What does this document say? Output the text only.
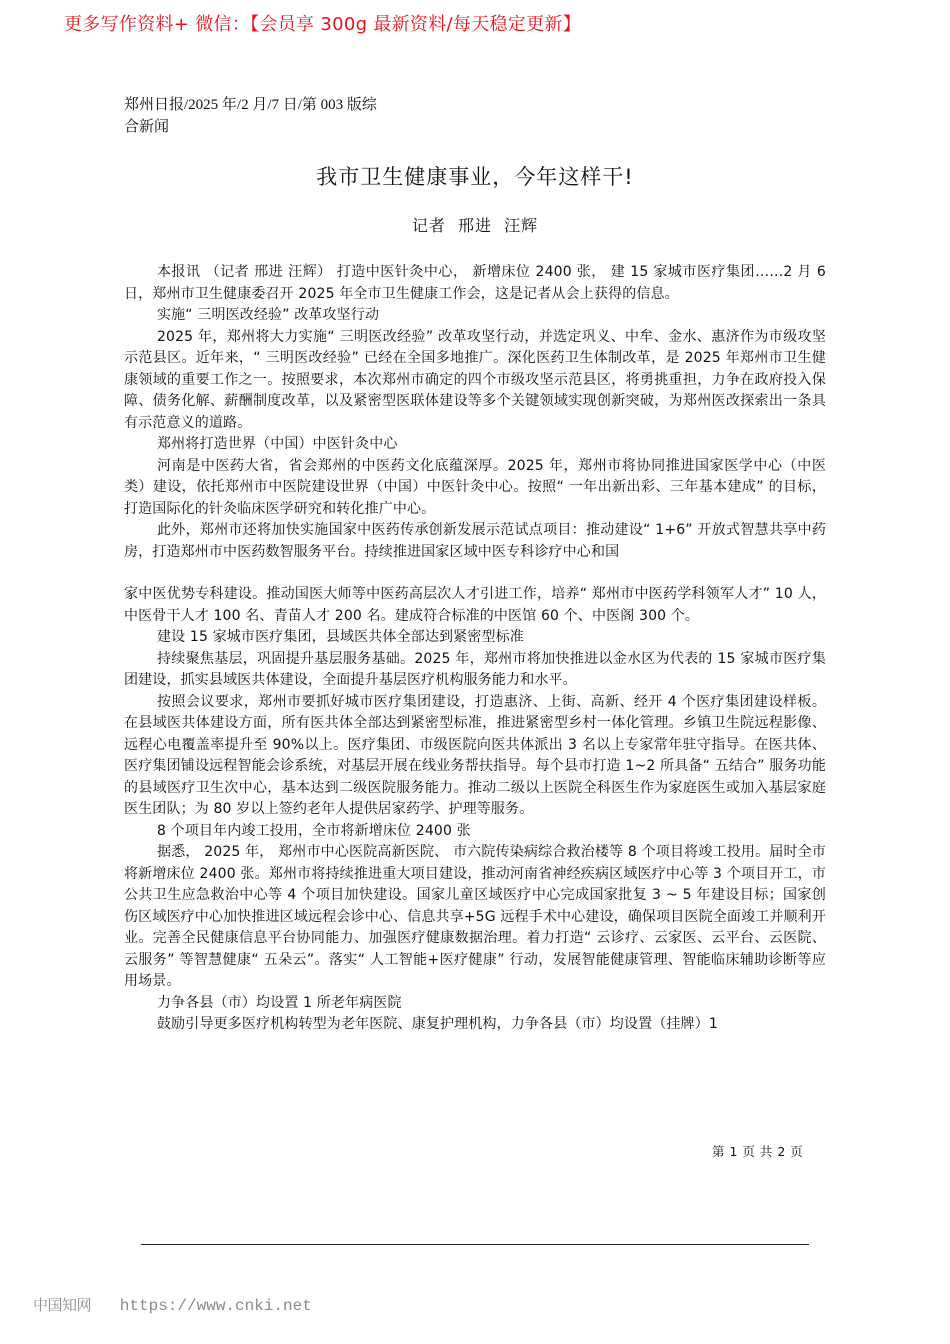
更多写作资料+ 微信：【会员享 300g 最新资料/每天稳定更新】
郑州日报/2025 年/2 月/7 日/第 003 版综合新闻
我市卫生健康事业，今年这样干!
记者 邢进 汪辉

本报讯 （记者 邢进 汪辉） 打造中医针灸中心， 新增床位 2400 张， 建 15 家城市医疗集团……2 月 6 日，郑州市卫生健康委召开 2025 年全市卫生健康工作会，这是记者从会上获得的信息。

实施“ 三明医改经验” 改革攻坚行动

2025 年，郑州将大力实施“ 三明医改经验” 改革攻坚行动，并选定巩义、中牟、金水、惠济作为市级攻坚示范县区。近年来，“ 三明医改经验” 已经在全国多地推广。深化医药卫生体制改革，是 2025 年郑州市卫生健康领域的重要工作之一。按照要求，本次郑州市确定的四个市级攻坚示范县区，将勇挑重担，力争在政府投入保障、债务化解、薪酬制度改革，以及紧密型医联体建设等多个关键领域实现创新突破，为郑州医改探索出一条具有示范意义的道路。

郑州将打造世界（中国）中医针灸中心

河南是中医药大省，省会郑州的中医药文化底蕴深厚。2025 年，郑州市将协同推进国家医学中心（中医类）建设，依托郑州市中医院建设世界（中国）中医针灸中心。按照“ 一年出新出彩、三年基本建成” 的目标，打造国际化的针灸临床医学研究和转化推广中心。

此外，郑州市还将加快实施国家中医药传承创新发展示范试点项目：推动建设“ 1+6” 开放式智慧共享中药房，打造郑州市中医药数智服务平台。持续推进国家区域中医专科诊疗中心和国

家中医优势专科建设。推动国医大师等中医药高层次人才引进工作，培养“ 郑州市中医药学科领军人才” 10 人，中医骨干人才 100 名、青苗人才 200 名。建成符合标准的中医馆 60 个、中医阁 300 个。

建设 15 家城市医疗集团，县域医共体全部达到紧密型标准

持续聚焦基层，巩固提升基层服务基础。2025 年，郑州市将加快推进以金水区为代表的 15 家城市医疗集团建设，抓实县域医共体建设，全面提升基层医疗机构服务能力和水平。

按照会议要求，郑州市要抓好城市医疗集团建设，打造惠济、上街、高新、经开 4 个医疗集团建设样板。在县域医共体建设方面，所有医共体全部达到紧密型标准，推进紧密型乡村一体化管理。乡镇卫生院远程影像、远程心电覆盖率提升至 90%以上。医疗集团、市级医院向医共体派出 3 名以上专家常年驻守指导。在医共体、医疗集团铺设远程智能会诊系统，对基层开展在线业务帮扶指导。每个县市打造 1~2 所具备“ 五结合” 服务功能的县域医疗卫生次中心，基本达到二级医院服务能力。推动二级以上医院全科医生作为家庭医生或加入基层家庭医生团队；为 80 岁以上签约老年人提供居家药学、护理等服务。

8 个项目年内竣工投用，全市将新增床位 2400 张

据悉， 2025 年， 郑州市中心医院高新医院、 市六院传染病综合救治楼等 8 个项目将竣工投用。届时全市将新增床位 2400 张。郑州市将持续推进重大项目建设，推动河南省神经疾病区域医疗中心等 3 个项目开工，市公共卫生应急救治中心等 4 个项目加快建设。国家儿童区域医疗中心完成国家批复 3 ~ 5 年建设目标；国家创伤区域医疗中心加快推进区域远程会诊中心、信息共享+5G 远程手术中心建设，确保项目医院全面竣工并顺利开业。完善全民健康信息平台协同能力、加强医疗健康数据治理。着力打造“ 云诊疗、云家医、云平台、云医院、云服务” 等智慧健康“ 五朵云”。落实“ 人工智能+医疗健康” 行动，发展智能健康管理、智能临床辅助诊断等应用场景。

力争各县（市）均设置 1 所老年病医院

鼓励引导更多医疗机构转型为老年医院、康复护理机构，力争各县（市）均设置（挂牌）1

第 1 页 共 2 页
中国知网 https://www.cnki.net
